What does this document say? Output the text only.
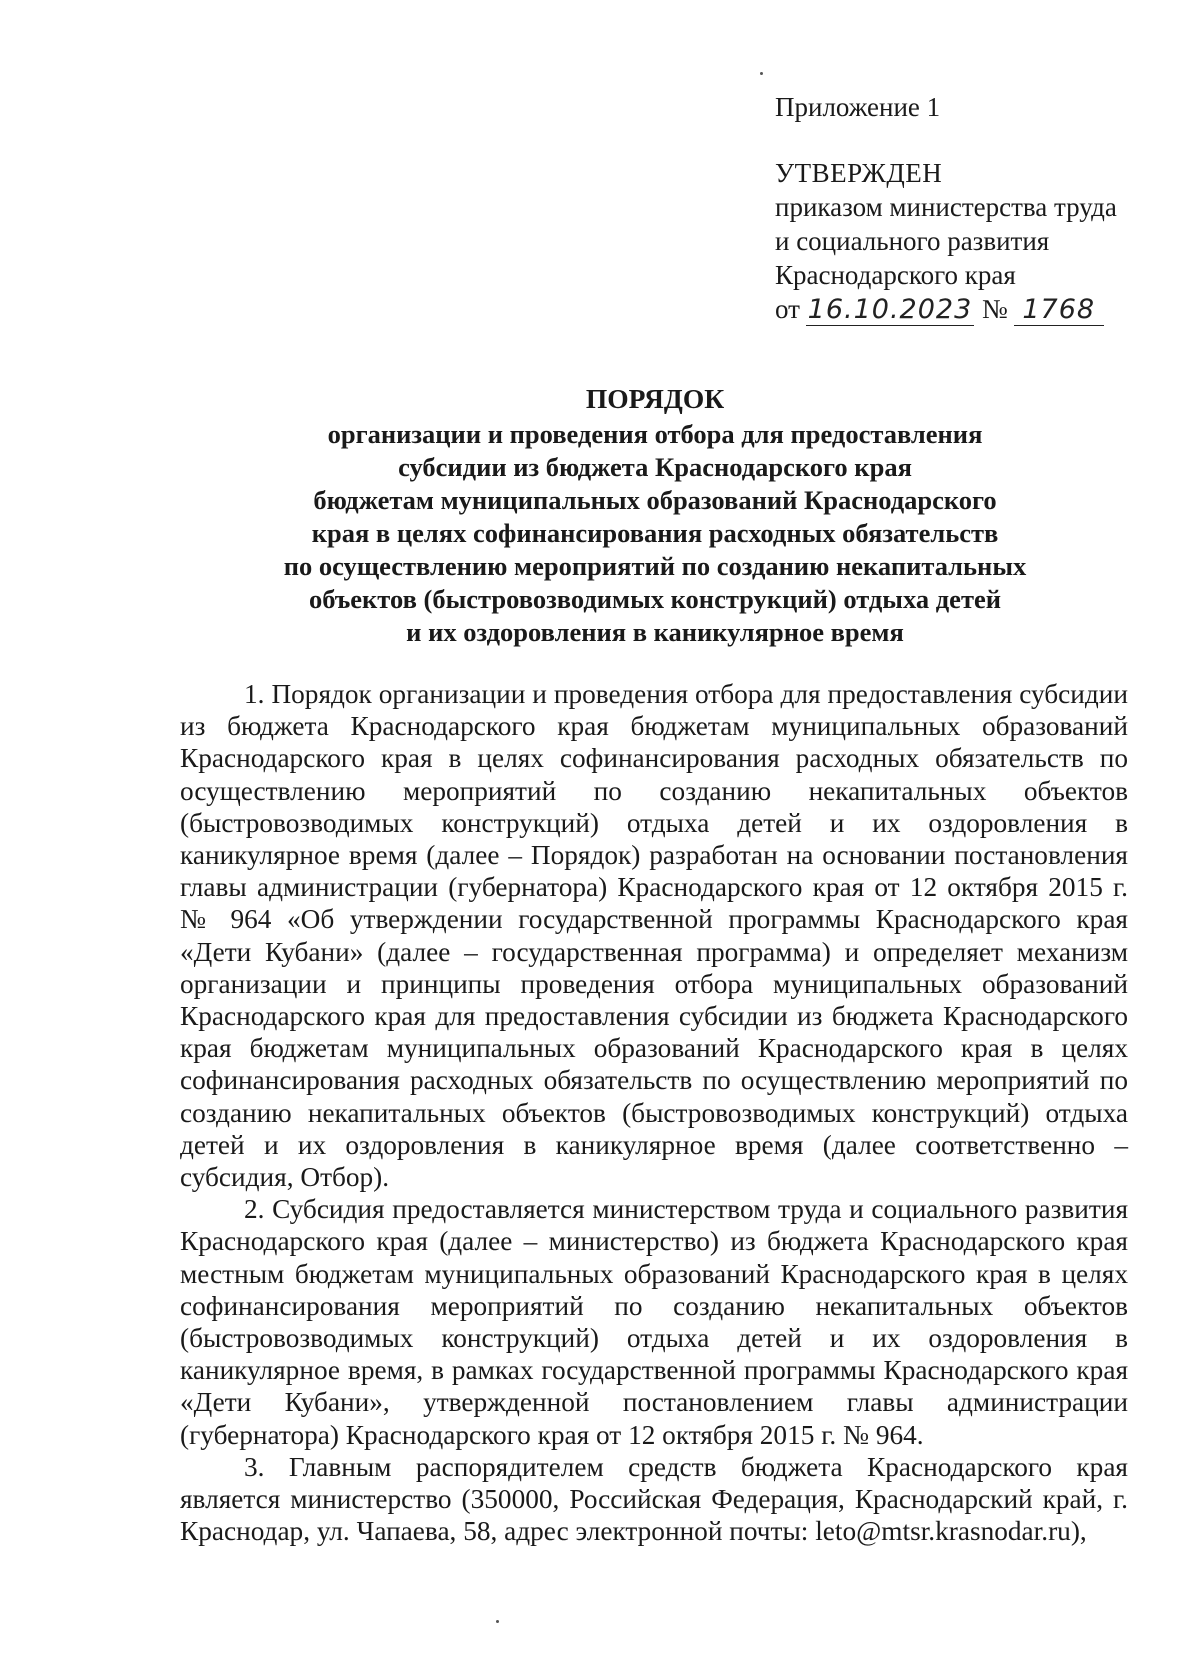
Приложение 1

УТВЕРЖДЕН

приказом министерства труда

и социального развития

Краснодарского края

от 16.10.2023 № 1768

ПОРЯДОК

организации и проведения отбора для предоставления

субсидии из бюджета Краснодарского края

бюджетам муниципальных образований Краснодарского

края в целях софинансирования расходных обязательств

по осуществлению мероприятий по созданию некапитальных

объектов (быстровозводимых конструкций) отдыха детей

и их оздоровления в каникулярное время

1. Порядок организации и проведения отбора для предоставления субсидии из бюджета Краснодарского края бюджетам муниципальных образований Краснодарского края в целях софинансирования расходных обязательств по осуществлению мероприятий по созданию некапитальных объектов (быстровозводимых конструкций) отдыха детей и их оздоровления в каникулярное время (далее – Порядок) разработан на основании постановления главы администрации (губернатора) Краснодарского края от 12 октября 2015 г. № 964 «Об утверждении государственной программы Краснодарского края «Дети Кубани» (далее – государственная программа) и определяет механизм организации и принципы проведения отбора муниципальных образований Краснодарского края для предоставления субсидии из бюджета Краснодарского края бюджетам муниципальных образований Краснодарского края в целях софинансирования расходных обязательств по осуществлению мероприятий по созданию некапитальных объектов (быстровозводимых конструкций) отдыха детей и их оздоровления в каникулярное время (далее соответственно – субсидия, Отбор).

2. Субсидия предоставляется министерством труда и социального развития Краснодарского края (далее – министерство) из бюджета Краснодарского края местным бюджетам муниципальных образований Краснодарского края в целях софинансирования мероприятий по созданию некапитальных объектов (быстровозводимых конструкций) отдыха детей и их оздоровления в каникулярное время, в рамках государственной программы Краснодарского края «Дети Кубани», утвержденной постановлением главы администрации (губернатора) Краснодарского края от 12 октября 2015 г. № 964.

3. Главным распорядителем средств бюджета Краснодарского края является министерство (350000, Российская Федерация, Краснодарский край, г. Краснодар, ул. Чапаева, 58, адрес электронной почты: leto@mtsr.krasnodar.ru),
